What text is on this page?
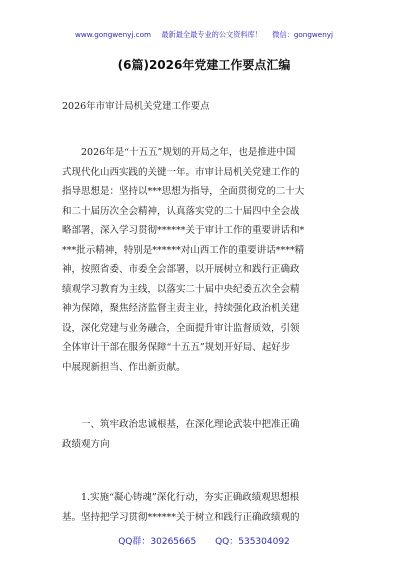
www.gongwenyj.com 最新最全最专业的公文资料库！ 微信：gongwenyj
(6篇)2026年党建工作要点汇编
2026年市审计局机关党建工作要点
2026年是“十五五”规划的开局之年，也是推进中国
式现代化山西实践的关键一年。市审计局机关党建工作的
指导思想是：坚持以***思想为指导，全面贯彻党的二十大
和二十届历次全会精神，认真落实党的二十届四中全会战
略部署，深入学习贯彻******关于审计工作的重要讲话和*
***批示精神，特别是******对山西工作的重要讲话****精
神，按照省委、市委全会部署，以开展树立和践行正确政
绩观学习教育为主线，以落实二十届中央纪委五次全会精
神为保障，聚焦经济监督主责主业，持续强化政治机关建
设，深化党建与业务融合，全面提升审计监督质效，引领
全体审计干部在服务保障“十五五”规划开好局、起好步
中展现新担当、作出新贡献。
一、筑牢政治忠诚根基，在深化理论武装中把准正确
政绩观方向
1.实施“凝心铸魂”深化行动，夯实正确政绩观思想根
基。坚持把学习贯彻******关于树立和践行正确政绩观的
QQ群：30265665 QQ：535304092
